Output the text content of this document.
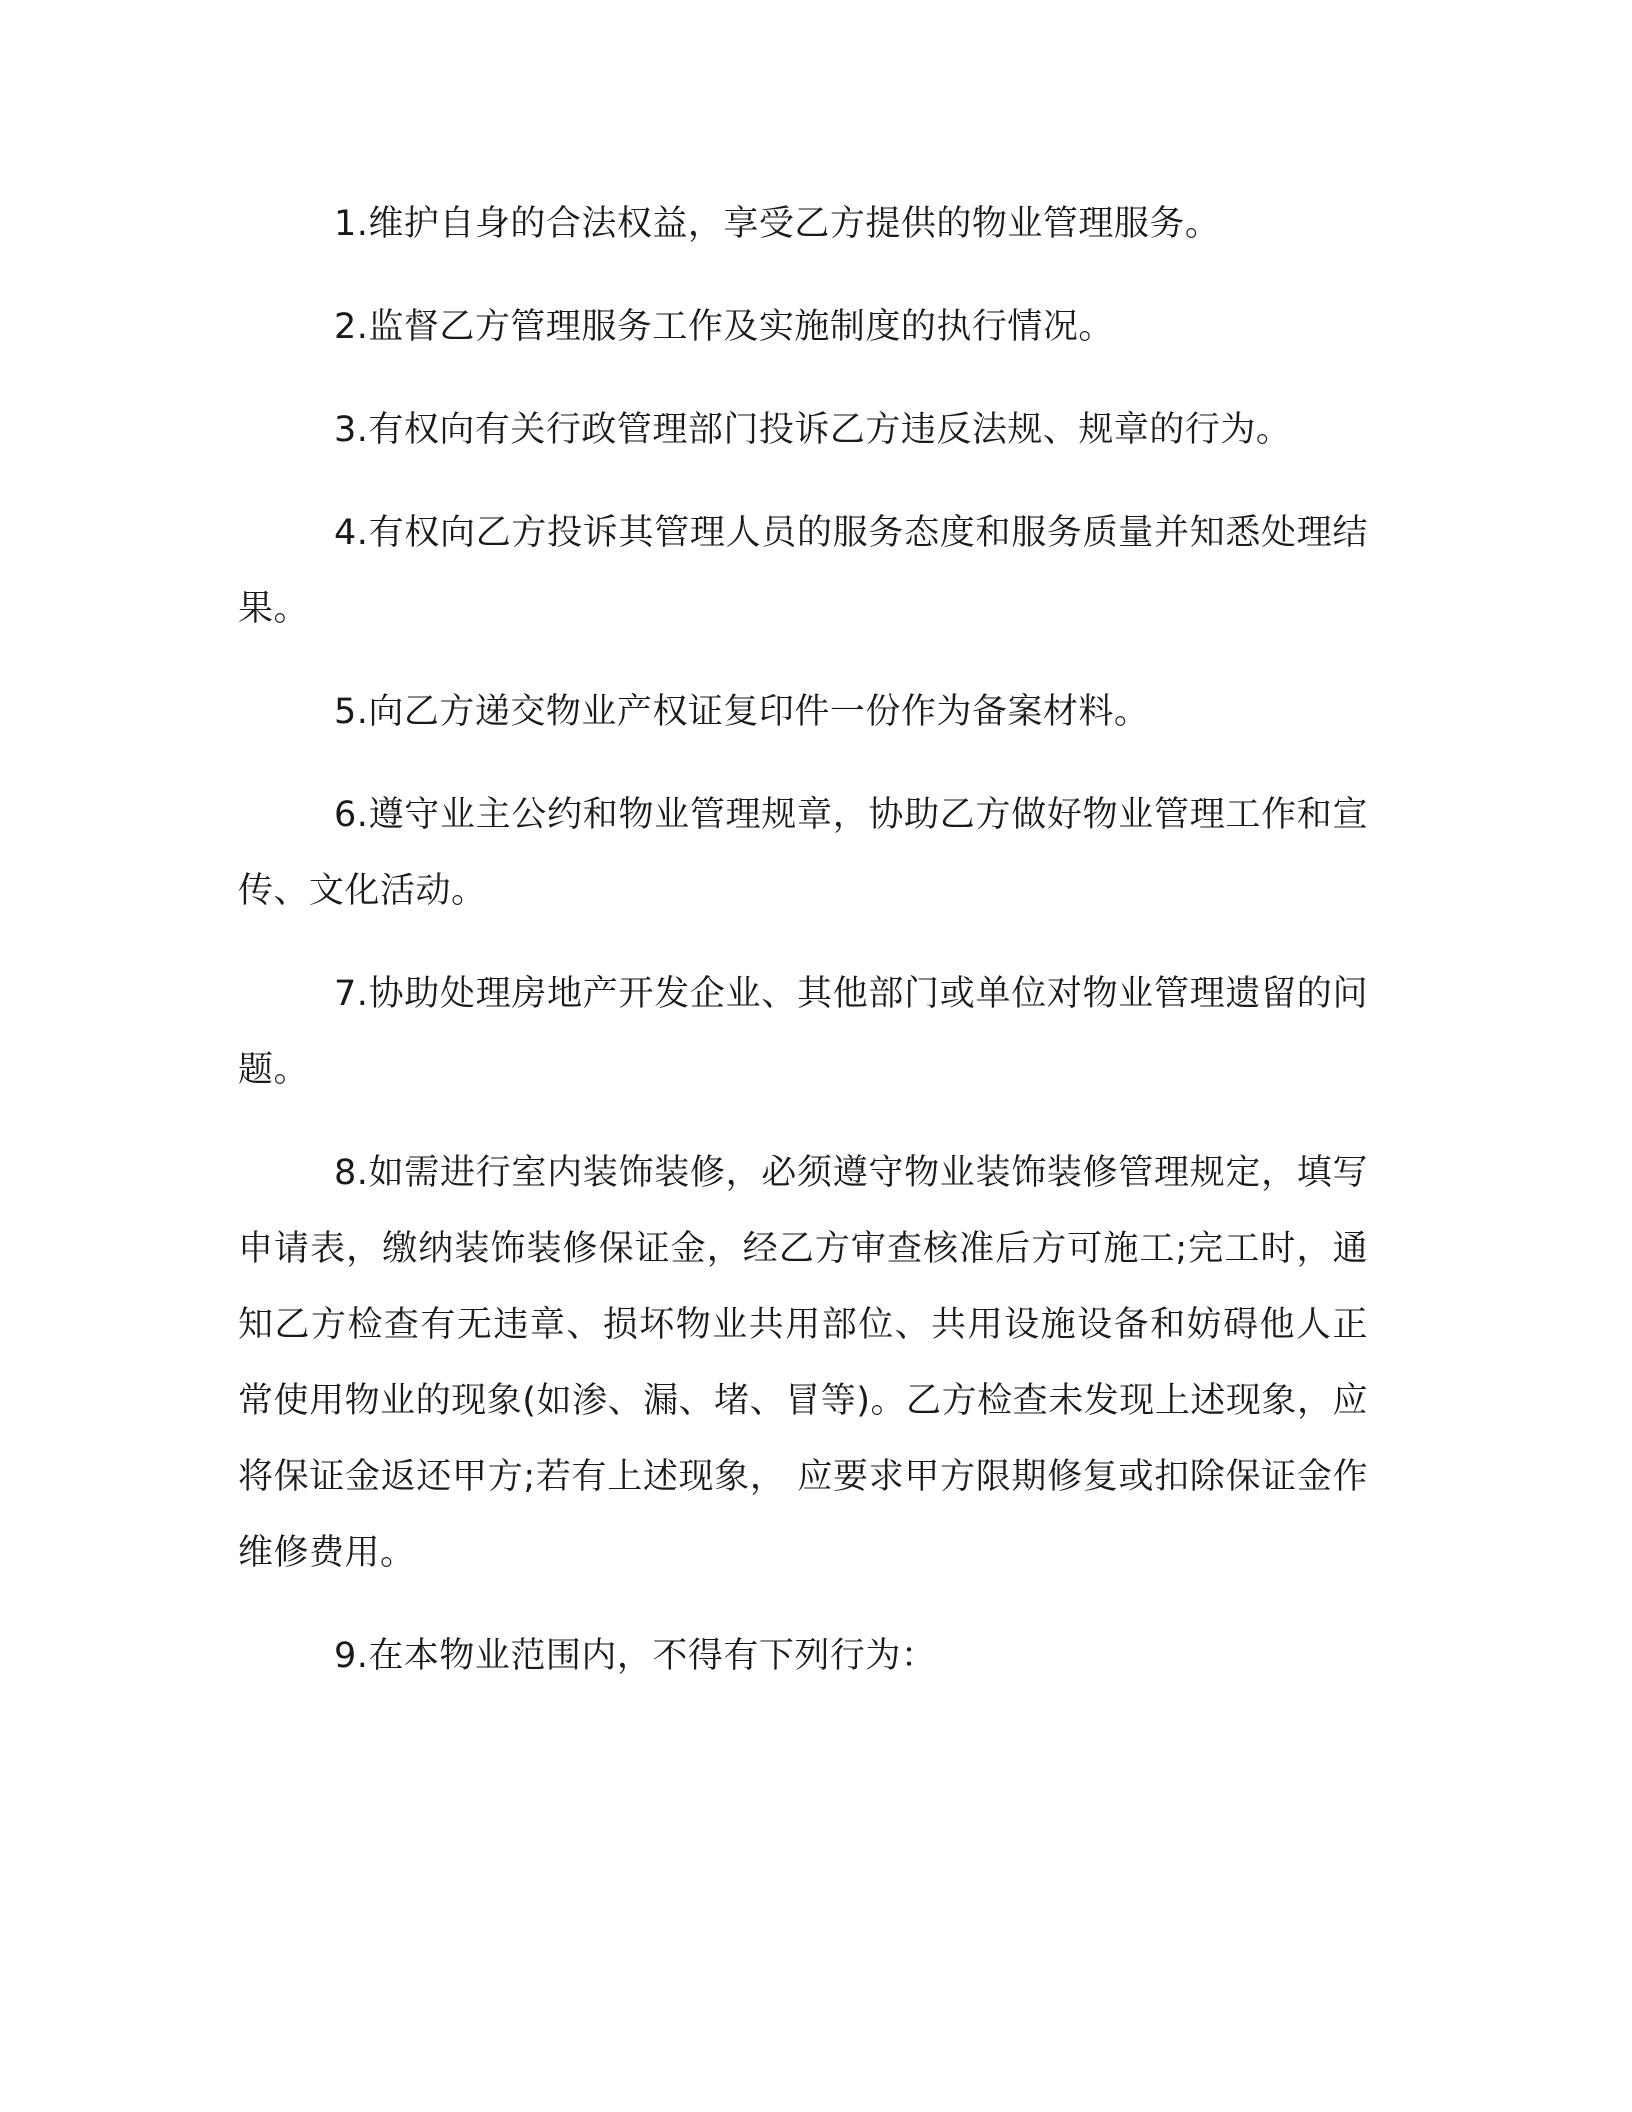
1.维护自身的合法权益，享受乙方提供的物业管理服务。

2.监督乙方管理服务工作及实施制度的执行情况。

3.有权向有关行政管理部门投诉乙方违反法规、规章的行为。

4.有权向乙方投诉其管理人员的服务态度和服务质量并知悉处理结果。

5.向乙方递交物业产权证复印件一份作为备案材料。

6.遵守业主公约和物业管理规章，协助乙方做好物业管理工作和宣传、文化活动。

7.协助处理房地产开发企业、其他部门或单位对物业管理遗留的问题。

8.如需进行室内装饰装修，必须遵守物业装饰装修管理规定，填写申请表，缴纳装饰装修保证金，经乙方审查核准后方可施工;完工时，通知乙方检查有无违章、损坏物业共用部位、共用设施设备和妨碍他人正常使用物业的现象(如渗、漏、堵、冒等)。乙方检查未发现上述现象，应将保证金返还甲方;若有上述现象， 应要求甲方限期修复或扣除保证金作维修费用。

9.在本物业范围内，不得有下列行为：
